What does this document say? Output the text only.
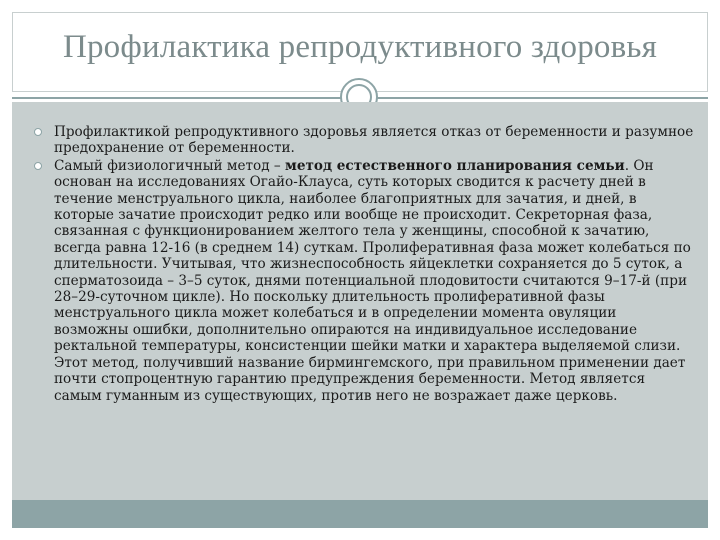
Профилактика репродуктивного здоровья
Профилактикой репродуктивного здоровья является отказ от беременности и разумное предохранение от беременности.
Самый физиологичный метод – метод естественного планирования семьи. Он основан на исследованиях Огайо-Клауса, суть которых сводится к расчету дней в течение менструального цикла, наиболее благоприятных для зачатия, и дней, в которые зачатие происходит редко или вообще не происходит. Секреторная фаза, связанная с функционированием желтого тела у женщины, способной к зачатию, всегда равна 12-16 (в среднем 14) суткам. Пролиферативная фаза может колебаться по длительности. Учитывая, что жизнеспособность яйцеклетки сохраняется до 5 суток, а сперматозоида – 3–5 суток, днями потенциальной плодовитости считаются 9–17-й (при 28–29-суточном цикле). Но поскольку длительность пролиферативной фазы менструального цикла может колебаться и в определении момента овуляции возможны ошибки, дополнительно опираются на индивидуальное исследование ректальной температуры, консистенции шейки матки и характера выделяемой слизи. Этот метод, получивший название бирмингемского, при правильном применении дает почти стопроцентную гарантию предупреждения беременности. Метод является самым гуманным из существующих, против него не возражает даже церковь.
